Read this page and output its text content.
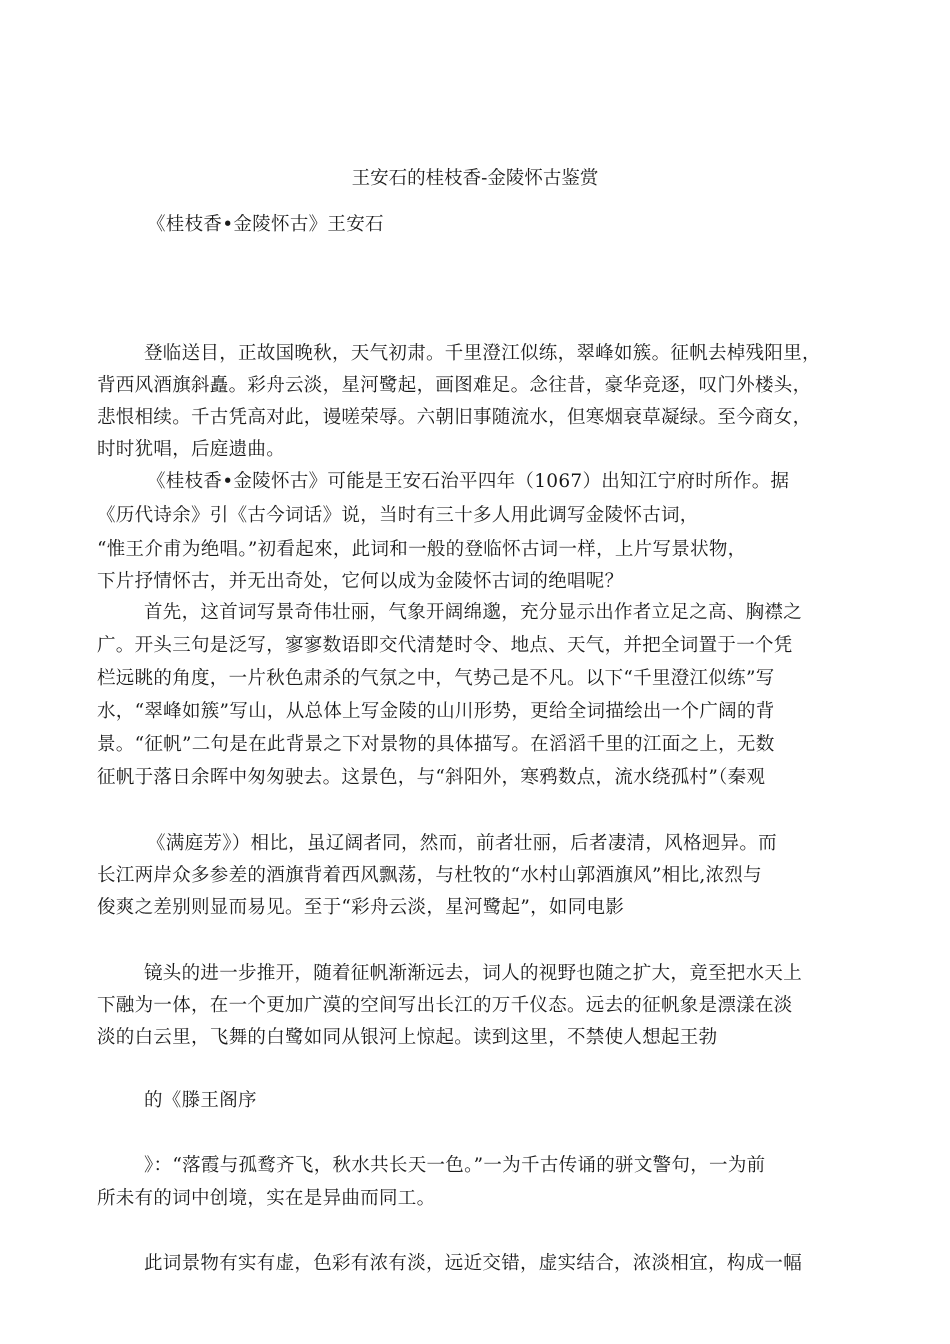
王安石的桂枝香-金陵怀古鉴赏
《桂枝香•金陵怀古》王安石
登临送目，正故国晚秋，天气初肃。千里澄江似练，翠峰如簇。征帆去棹残阳里，
背西风酒旗斜矗。彩舟云淡，星河鹭起，画图难足。念往昔，豪华竞逐，叹门外楼头，
悲恨相续。千古凭高对此，谩嗟荣辱。六朝旧事随流水，但寒烟衰草凝绿。至今商女，
时时犹唱，后庭遗曲。
《桂枝香•金陵怀古》可能是王安石治平四年（1067）出知江宁府时所作。据
《历代诗余》引《古今词话》说，当时有三十多人用此调写金陵怀古词，
“惟王介甫为绝唱。”初看起來，此词和一般的登临怀古词一样，上片写景状物，
下片抒情怀古，并无出奇处，它何以成为金陵怀古词的绝唱呢？
首先，这首词写景奇伟壮丽，气象开阔绵邈，充分显示出作者立足之高、胸襟之
广。开头三句是泛写，寥寥数语即交代清楚时令、地点、天气，并把全词置于一个凭
栏远眺的角度，一片秋色肃杀的气氛之中，气势己是不凡。以下“千里澄江似练”写
水，“翠峰如簇”写山，从总体上写金陵的山川形势，更给全词描绘出一个广阔的背
景。“征帆”二句是在此背景之下对景物的具体描写。在滔滔千里的江面之上，无数
征帆于落日余晖中匆匆驶去。这景色，与“斜阳外，寒鸦数点，流水绕孤村”（秦观
《满庭芳》）相比，虽辽阔者同，然而，前者壮丽，后者凄清，风格迥异。而
长江两岸众多参差的酒旗背着西风飘荡，与杜牧的“水村山郭酒旗风”相比,浓烈与
俊爽之差别则显而易见。至于“彩舟云淡，星河鹭起”，如同电影
镜头的进一步推开，随着征帆渐渐远去，词人的视野也随之扩大，竟至把水天上
下融为一体，在一个更加广漠的空间写出长江的万千仪态。远去的征帆象是漂漾在淡
淡的白云里，飞舞的白鹭如同从银河上惊起。读到这里，不禁使人想起王勃
的《滕王阁序
》：“落霞与孤鹜齐飞，秋水共长天一色。”一为千古传诵的骈文警句，一为前
所未有的词中创境，实在是异曲而同工。
此词景物有实有虚，色彩有浓有淡，远近交错，虚实结合，浓淡相宜，构成一幅
